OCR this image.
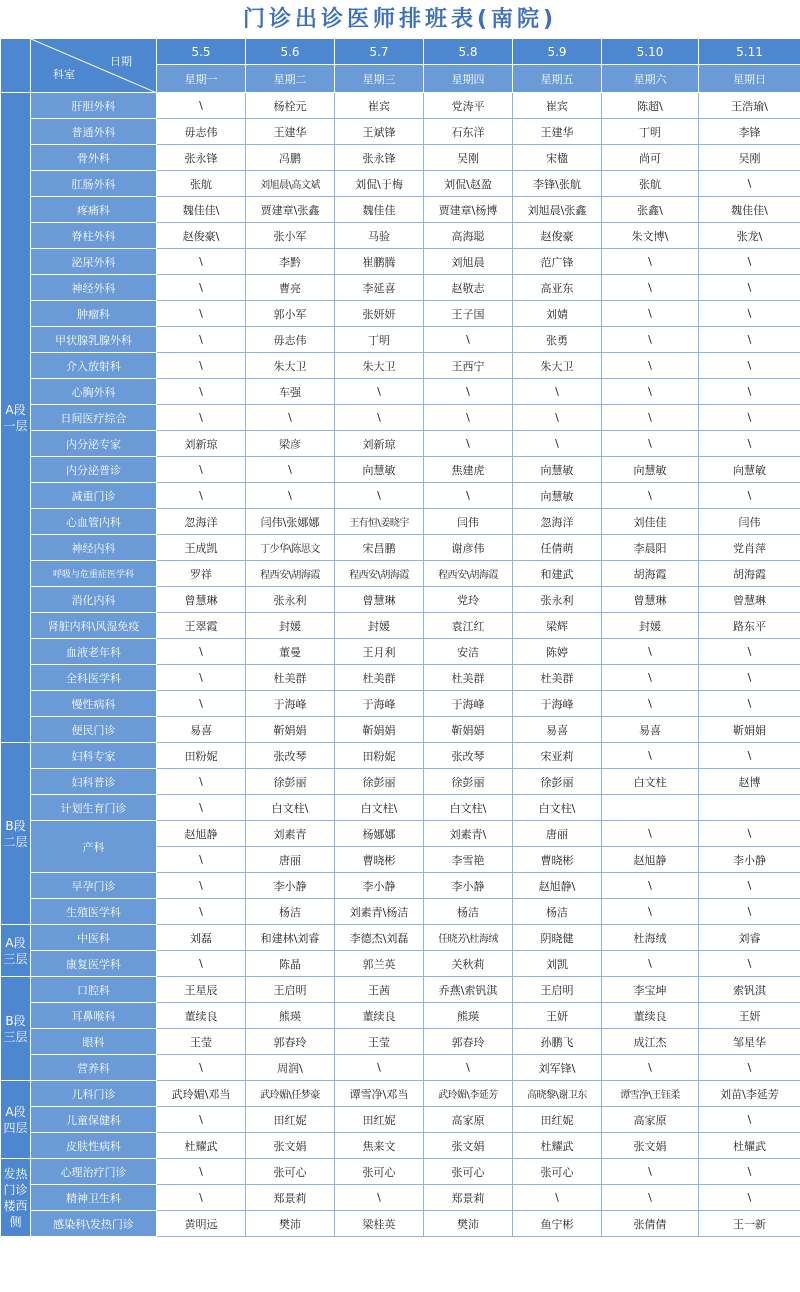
门诊出诊医师排班表(南院)

	科室
日期	5.5	5.6	5.7	5.8	5.9	5.10	5.11
		星期一	星期二	星期三	星期四	星期五	星期六	星期日
A段
一层	肝胆外科	\	杨栓元	崔宾	党涛平	崔宾	陈超\	王浩瑜\
	普通外科	毋志伟	王建华	王斌锋	石东洋	王建华	丁明	李锋
	骨外科	张永锋	冯鹏	张永锋	吴刚	宋楹	尚可	吴刚
	肛肠外科	张航	刘旭晨\高文斌	刘侃\于梅	刘侃\赵盈	李锋\张航	张航	\
	疼痛科	魏佳佳\	贾建章\张鑫	魏佳佳	贾建章\杨博	刘旭晨\张鑫	张鑫\	魏佳佳\
	脊柱外科	赵俊豪\	张小军	马验	高海聪	赵俊豪	朱文博\	张龙\
	泌尿外科	\	李黔	崔鹏腾	刘旭晨	范广锋	\	\
	神经外科	\	曹亮	李延喜	赵敬志	高亚东	\	\
	肿瘤科	\	郭小军	张妍妍	王子国	刘婧	\	\
	甲状腺乳腺外科	\	毋志伟	丁明	\	张勇	\	\
	介入放射科	\	朱大卫	朱大卫	王西宁	朱大卫	\	\
	心胸外科	\	车强	\	\	\	\	\
	日间医疗综合	\	\	\	\	\	\	\
	内分泌专家	刘新琼	梁彦	刘新琼	\	\	\	\
	内分泌普诊	\	\	向慧敏	焦建虎	向慧敏	向慧敏	向慧敏
	减重门诊	\	\	\	\	向慧敏	\	\
	心血管内科	忽海洋	闫伟\张娜娜	王有恒\姜晓宇	闫伟	忽海洋	刘佳佳	闫伟
	神经内科	王成凯	丁少华\陈思文	宋昌鹏	谢彦伟	任倩萌	李晨阳	党肖萍
	呼吸与危重症医学科	罗祥	程西安\胡海霞	程西安\胡海霞	程西安\胡海霞	和建武	胡海霞	胡海霞
	消化内科	曾慧琳	张永利	曾慧琳	党玲	张永利	曾慧琳	曾慧琳
	肾脏内科\风湿免疫	王翠霞	封媛	封媛	袁江红	梁辉	封媛	路东平
	血液老年科	\	董曼	王月利	安洁	陈婷	\	\
	全科医学科	\	杜美群	杜美群	杜美群	杜美群	\	\
	慢性病科	\	于海峰	于海峰	于海峰	于海峰	\	\
	便民门诊	易喜	靳娟娟	靳娟娟	靳娟娟	易喜	易喜	靳娟娟
B段
二层	妇科专家	田粉妮	张改琴	田粉妮	张改琴	宋亚莉	\	\
	妇科普诊	\	徐彭丽	徐彭丽	徐彭丽	徐彭丽	白文柱	赵博
	计划生育门诊	\	白文柱\	白文柱\	白文柱\	白文柱\		
	产科	赵旭静	刘素青	杨娜娜	刘素青\	唐丽	\	\
		\	唐丽	曹晓彬	李雪艳	曹晓彬	赵旭静	李小静
	早孕门诊	\	李小静	李小静	李小静	赵旭静\	\	\
	生殖医学科	\	杨洁	刘素青\杨洁	杨洁	杨洁	\	\
A段
三层	中医科	刘磊	和建林\刘睿	李德杰\刘磊	任晓芳\杜海绒	阴晓健	杜海绒	刘睿
	康复医学科	\	陈晶	郭兰英	关秋莉	刘凯	\	\
B段
三层	口腔科	王星辰	王启明	王茜	乔燕\索钒淇	王启明	李宝坤	索钒淇
	耳鼻喉科	董续良	熊瑛	董续良	熊瑛	王妍	董续良	王妍
	眼科	王莹	郭春玲	王莹	郭春玲	孙鹏飞	成江杰	邹星华
	营养科	\	周润\	\	\	刘军锋\	\	\
A段
四层	儿科门诊	武玲媚\邓当	武玲媚\任梦豪	谭雪净\邓当	武玲媚\李延芳	高晓黎\谢卫东	谭雪净\王钰柔	刘苗\李延芳
	儿童保健科	\	田红妮	田红妮	高家原	田红妮	高家原	\
	皮肤性病科	杜耀武	张文娟	焦来文	张文娟	杜耀武	张文娟	杜耀武
发热
门诊
楼西
侧	心理治疗门诊	\	张可心	张可心	张可心	张可心	\	\
	精神卫生科	\	郑景莉	\	郑景莉	\	\	\
	感染科\发热门诊	黄明远	樊沛	梁桂英	樊沛	鱼宁彬	张倩倩	王一新
